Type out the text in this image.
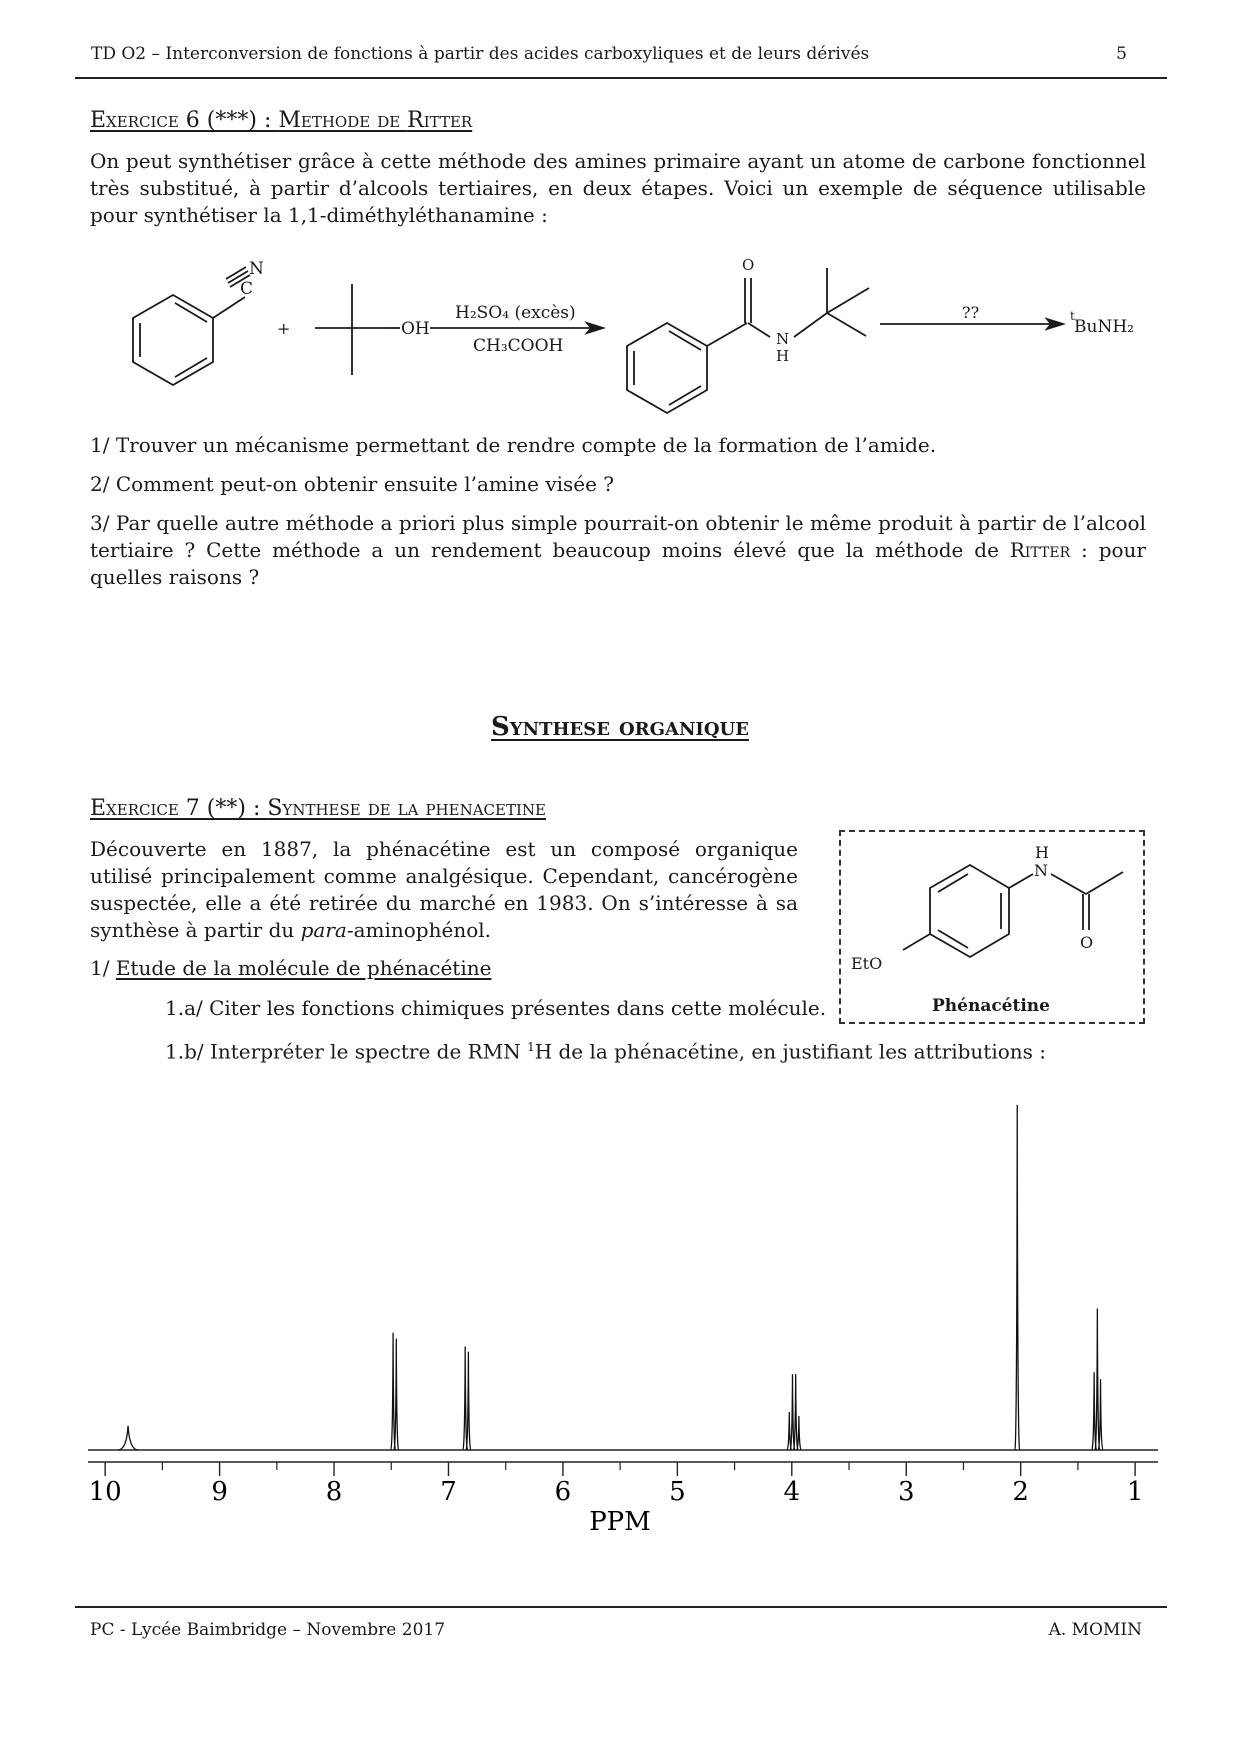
TD O2 – Interconversion de fonctions à partir des acides carboxyliques et de leurs dérivés	5
Exercice 6 (***) : Methode de Ritter
On peut synthétiser grâce à cette méthode des amines primaire ayant un atome de carbone fonctionnel très substitué, à partir d’alcools tertiaires, en deux étapes. Voici un exemple de séquence utilisable pour synthétiser la 1,1-diméthyléthanamine :
C
N
+	OH
H₂SO₄ (excès)
CH₃COOH
O
N
H
??	t
BuNH₂
1/ Trouver un mécanisme permettant de rendre compte de la formation de l’amide.
2/ Comment peut-on obtenir ensuite l’amine visée ?
3/ Par quelle autre méthode a priori plus simple pourrait-on obtenir le même produit à partir de l’alcool tertiaire ? Cette méthode a un rendement beaucoup moins élevé que la méthode de Ritter : pour quelles raisons ?
Synthese organique
Exercice 7 (**) : Synthese de la phenacetine
Découverte en 1887, la phénacétine est un composé organique utilisé principalement comme analgésique. Cependant, cancérogène suspectée, elle a été retirée du marché en 1983. On s’intéresse à sa synthèse à partir du para-aminophénol.
1/ Etude de la molécule de phénacétine
1.a/ Citer les fonctions chimiques présentes dans cette molécule.
1.b/ Interpréter le spectre de RMN $^1$H de la phénacétine, en justifiant les attributions :
H
N
O
EtO
Phénacétine
10	9	8	7	6	5	4	3	2	1
PPM
PC - Lycée Baimbridge – Novembre 2017	A. MOMIN
